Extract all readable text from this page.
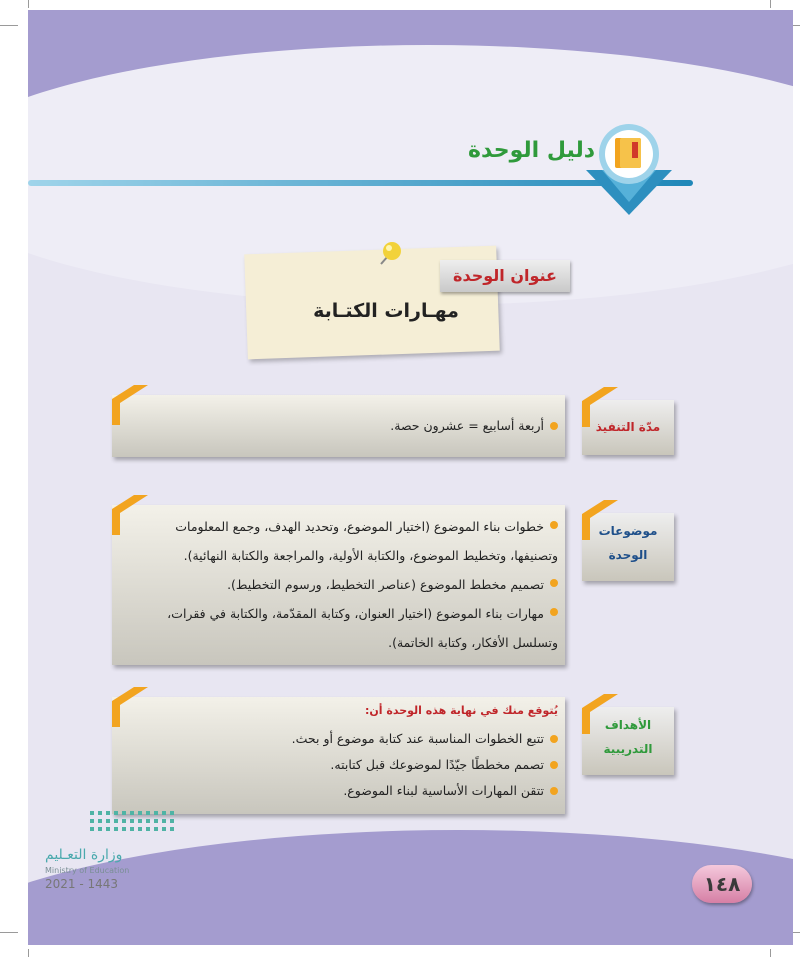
دليل الوحدة
عنوان الوحدة
مهـارات الكتـابة
أربعة أسابيع = عشرون حصة.	مدّة التنفيذ
خطوات بناء الموضوع (اختيار الموضوع، وتحديد الهدف، وجمع المعلومات
وتصنيفها، وتخطيط الموضوع، والكتابة الأولية، والمراجعة والكتابة النهائية).
تصميم مخطط الموضوع (عناصر التخطيط، ورسوم التخطيط).
مهارات بناء الموضوع (اختيار العنوان، وكتابة المقدّمة، والكتابة في فقرات،
وتسلسل الأفكار، وكتابة الخاتمة).
موضوعات
الوحدة
يُتوقع منك في نهاية هذه الوحدة أن:
تتبع الخطوات المناسبة عند كتابة موضوع أو بحث.
تصمم مخططًا جيّدًا لموضوعك قبل كتابته.
تتقن المهارات الأساسية لبناء الموضوع.
الأهداف
التدريبية
وزارة التعـليم
Ministry of Education
2021 - 1443	١٤٨
